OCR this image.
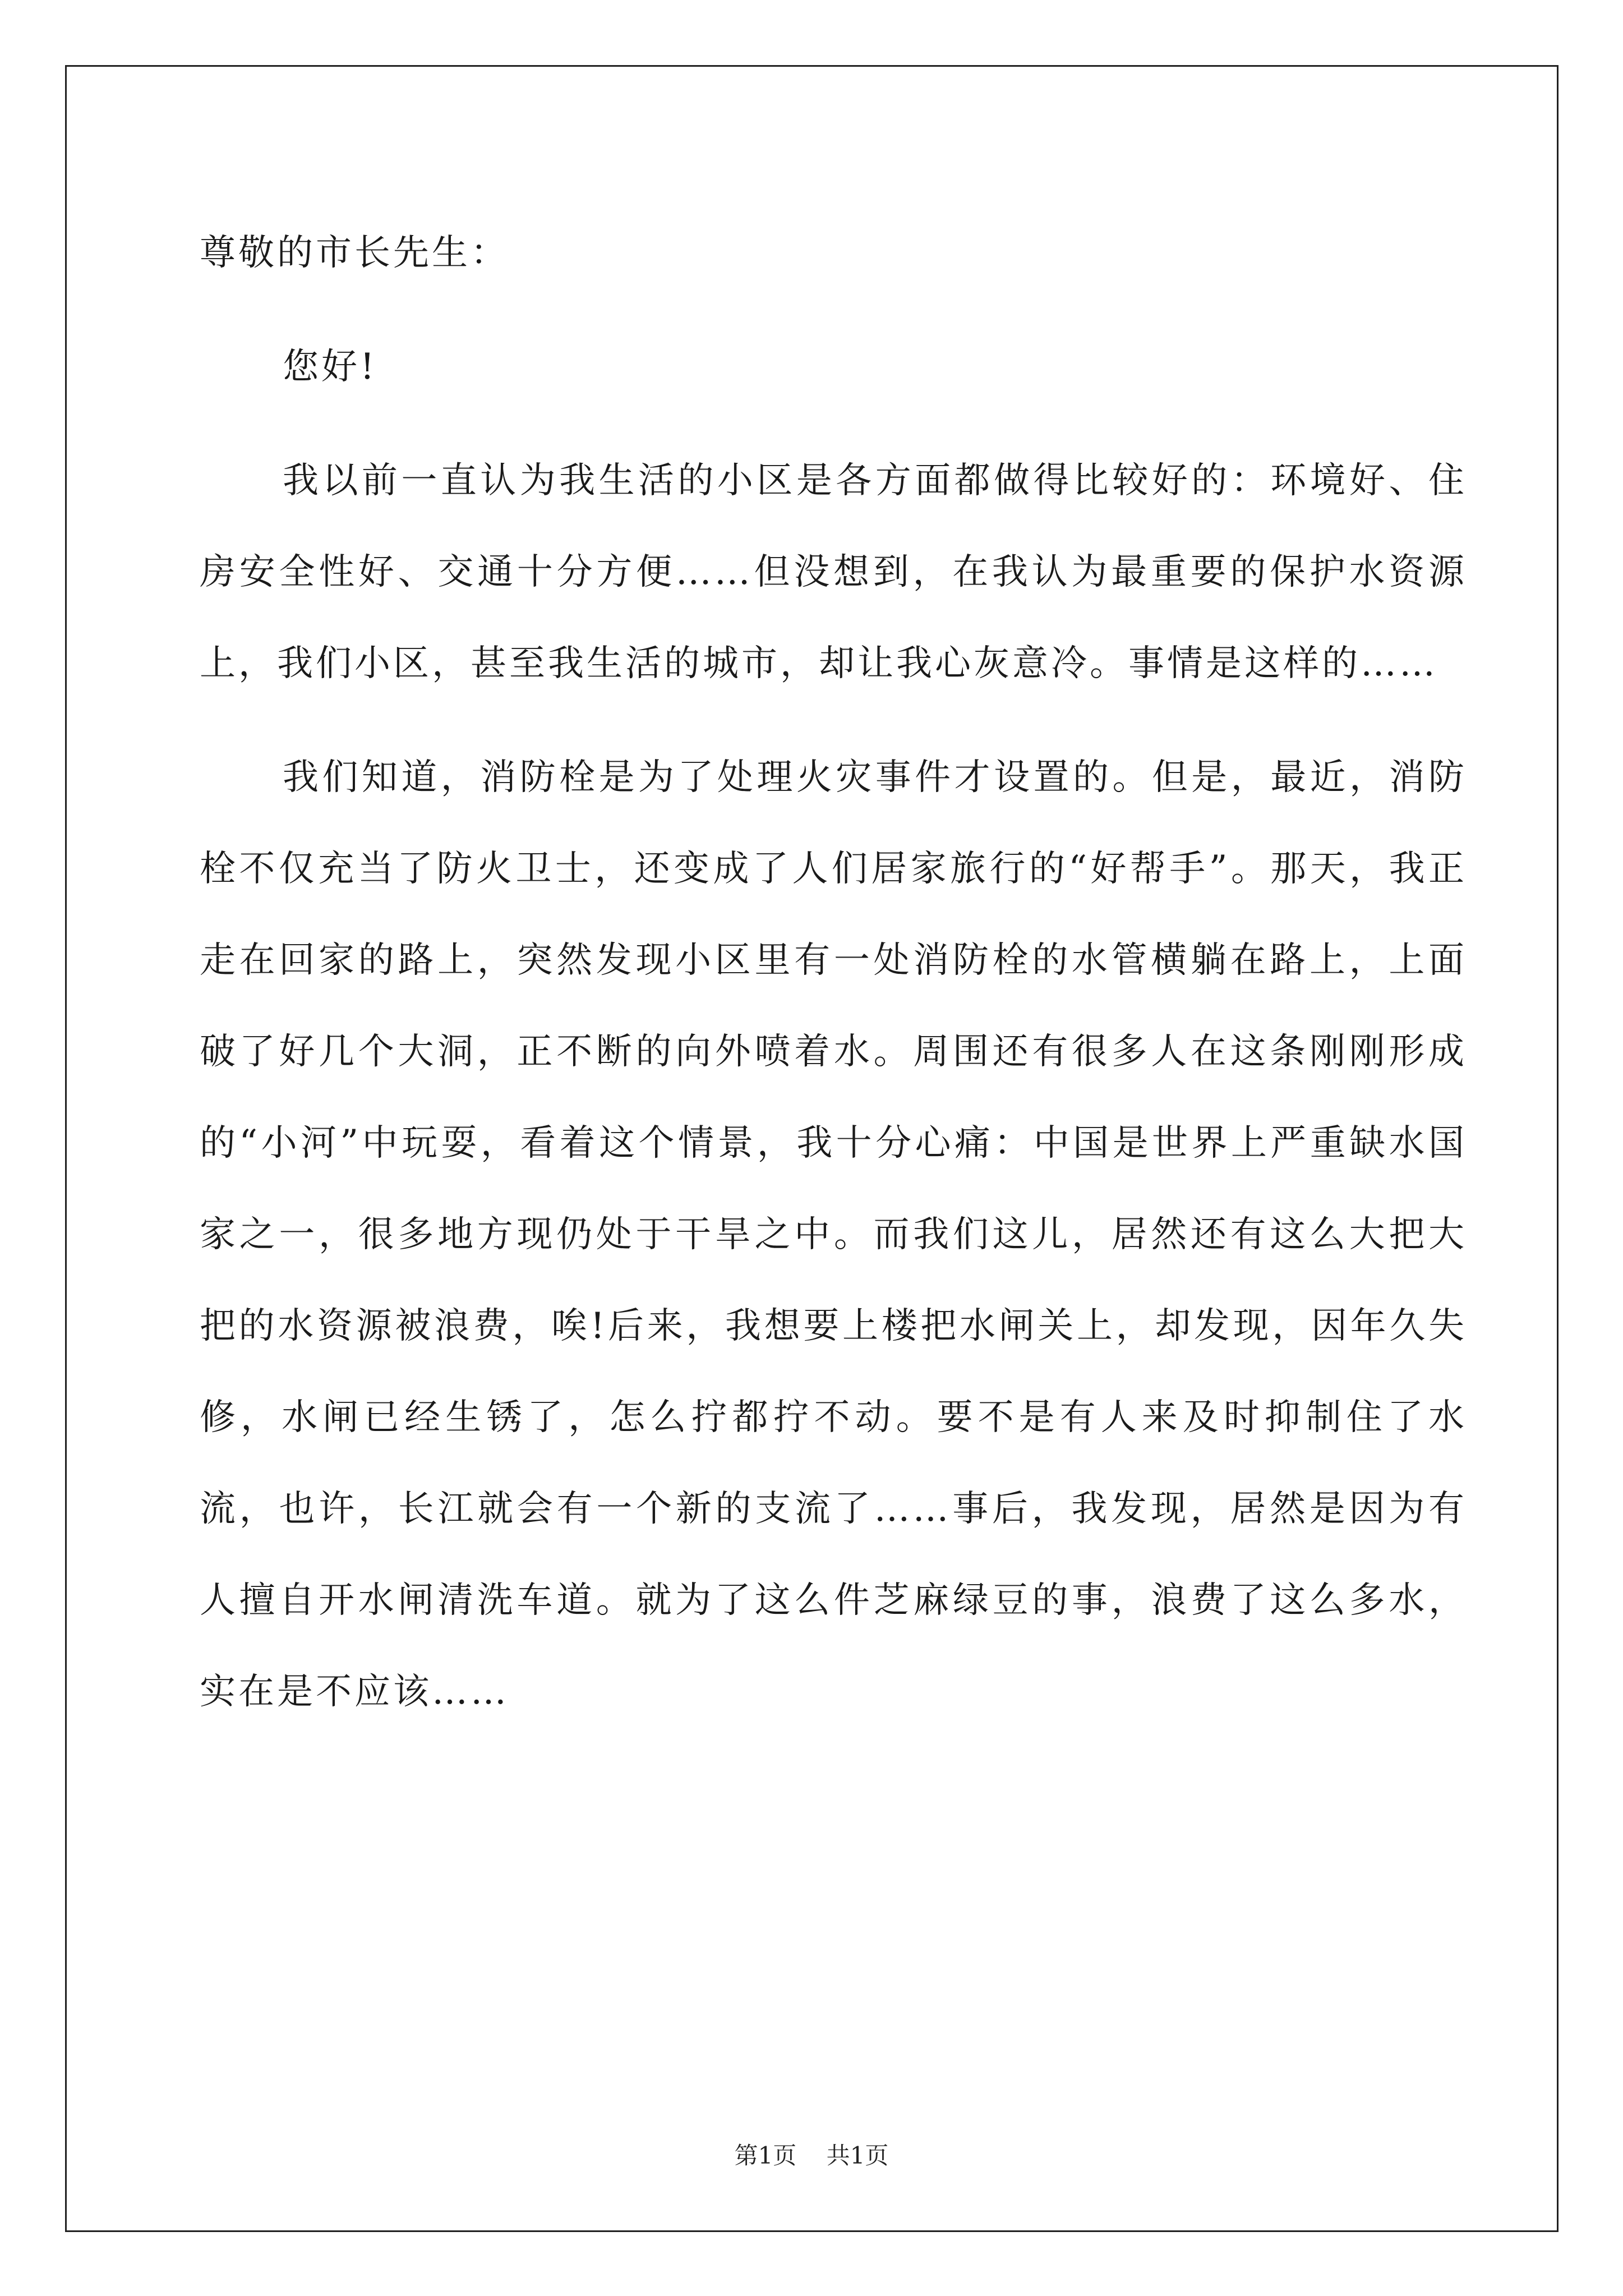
尊敬的市长先生：

您好!

我以前一直认为我生活的小区是各方面都做得比较好的：环境好、住房安全性好、交通十分方便……但没想到，在我认为最重要的保护水资源上，我们小区，甚至我生活的城市，却让我心灰意冷。事情是这样的……

我们知道，消防栓是为了处理火灾事件才设置的。但是，最近，消防栓不仅充当了防火卫士，还变成了人们居家旅行的“好帮手”。那天，我正走在回家的路上，突然发现小区里有一处消防栓的水管横躺在路上，上面破了好几个大洞，正不断的向外喷着水。周围还有很多人在这条刚刚形成的“小河”中玩耍，看着这个情景，我十分心痛：中国是世界上严重缺水国家之一，很多地方现仍处于干旱之中。而我们这儿，居然还有这么大把大把的水资源被浪费，唉!后来，我想要上楼把水闸关上，却发现，因年久失修，水闸已经生锈了，怎么拧都拧不动。要不是有人来及时抑制住了水流，也许，长江就会有一个新的支流了……事后，我发现，居然是因为有人擅自开水闸清洗车道。就为了这么件芝麻绿豆的事，浪费了这么多水，实在是不应该……

第1页 共1页
